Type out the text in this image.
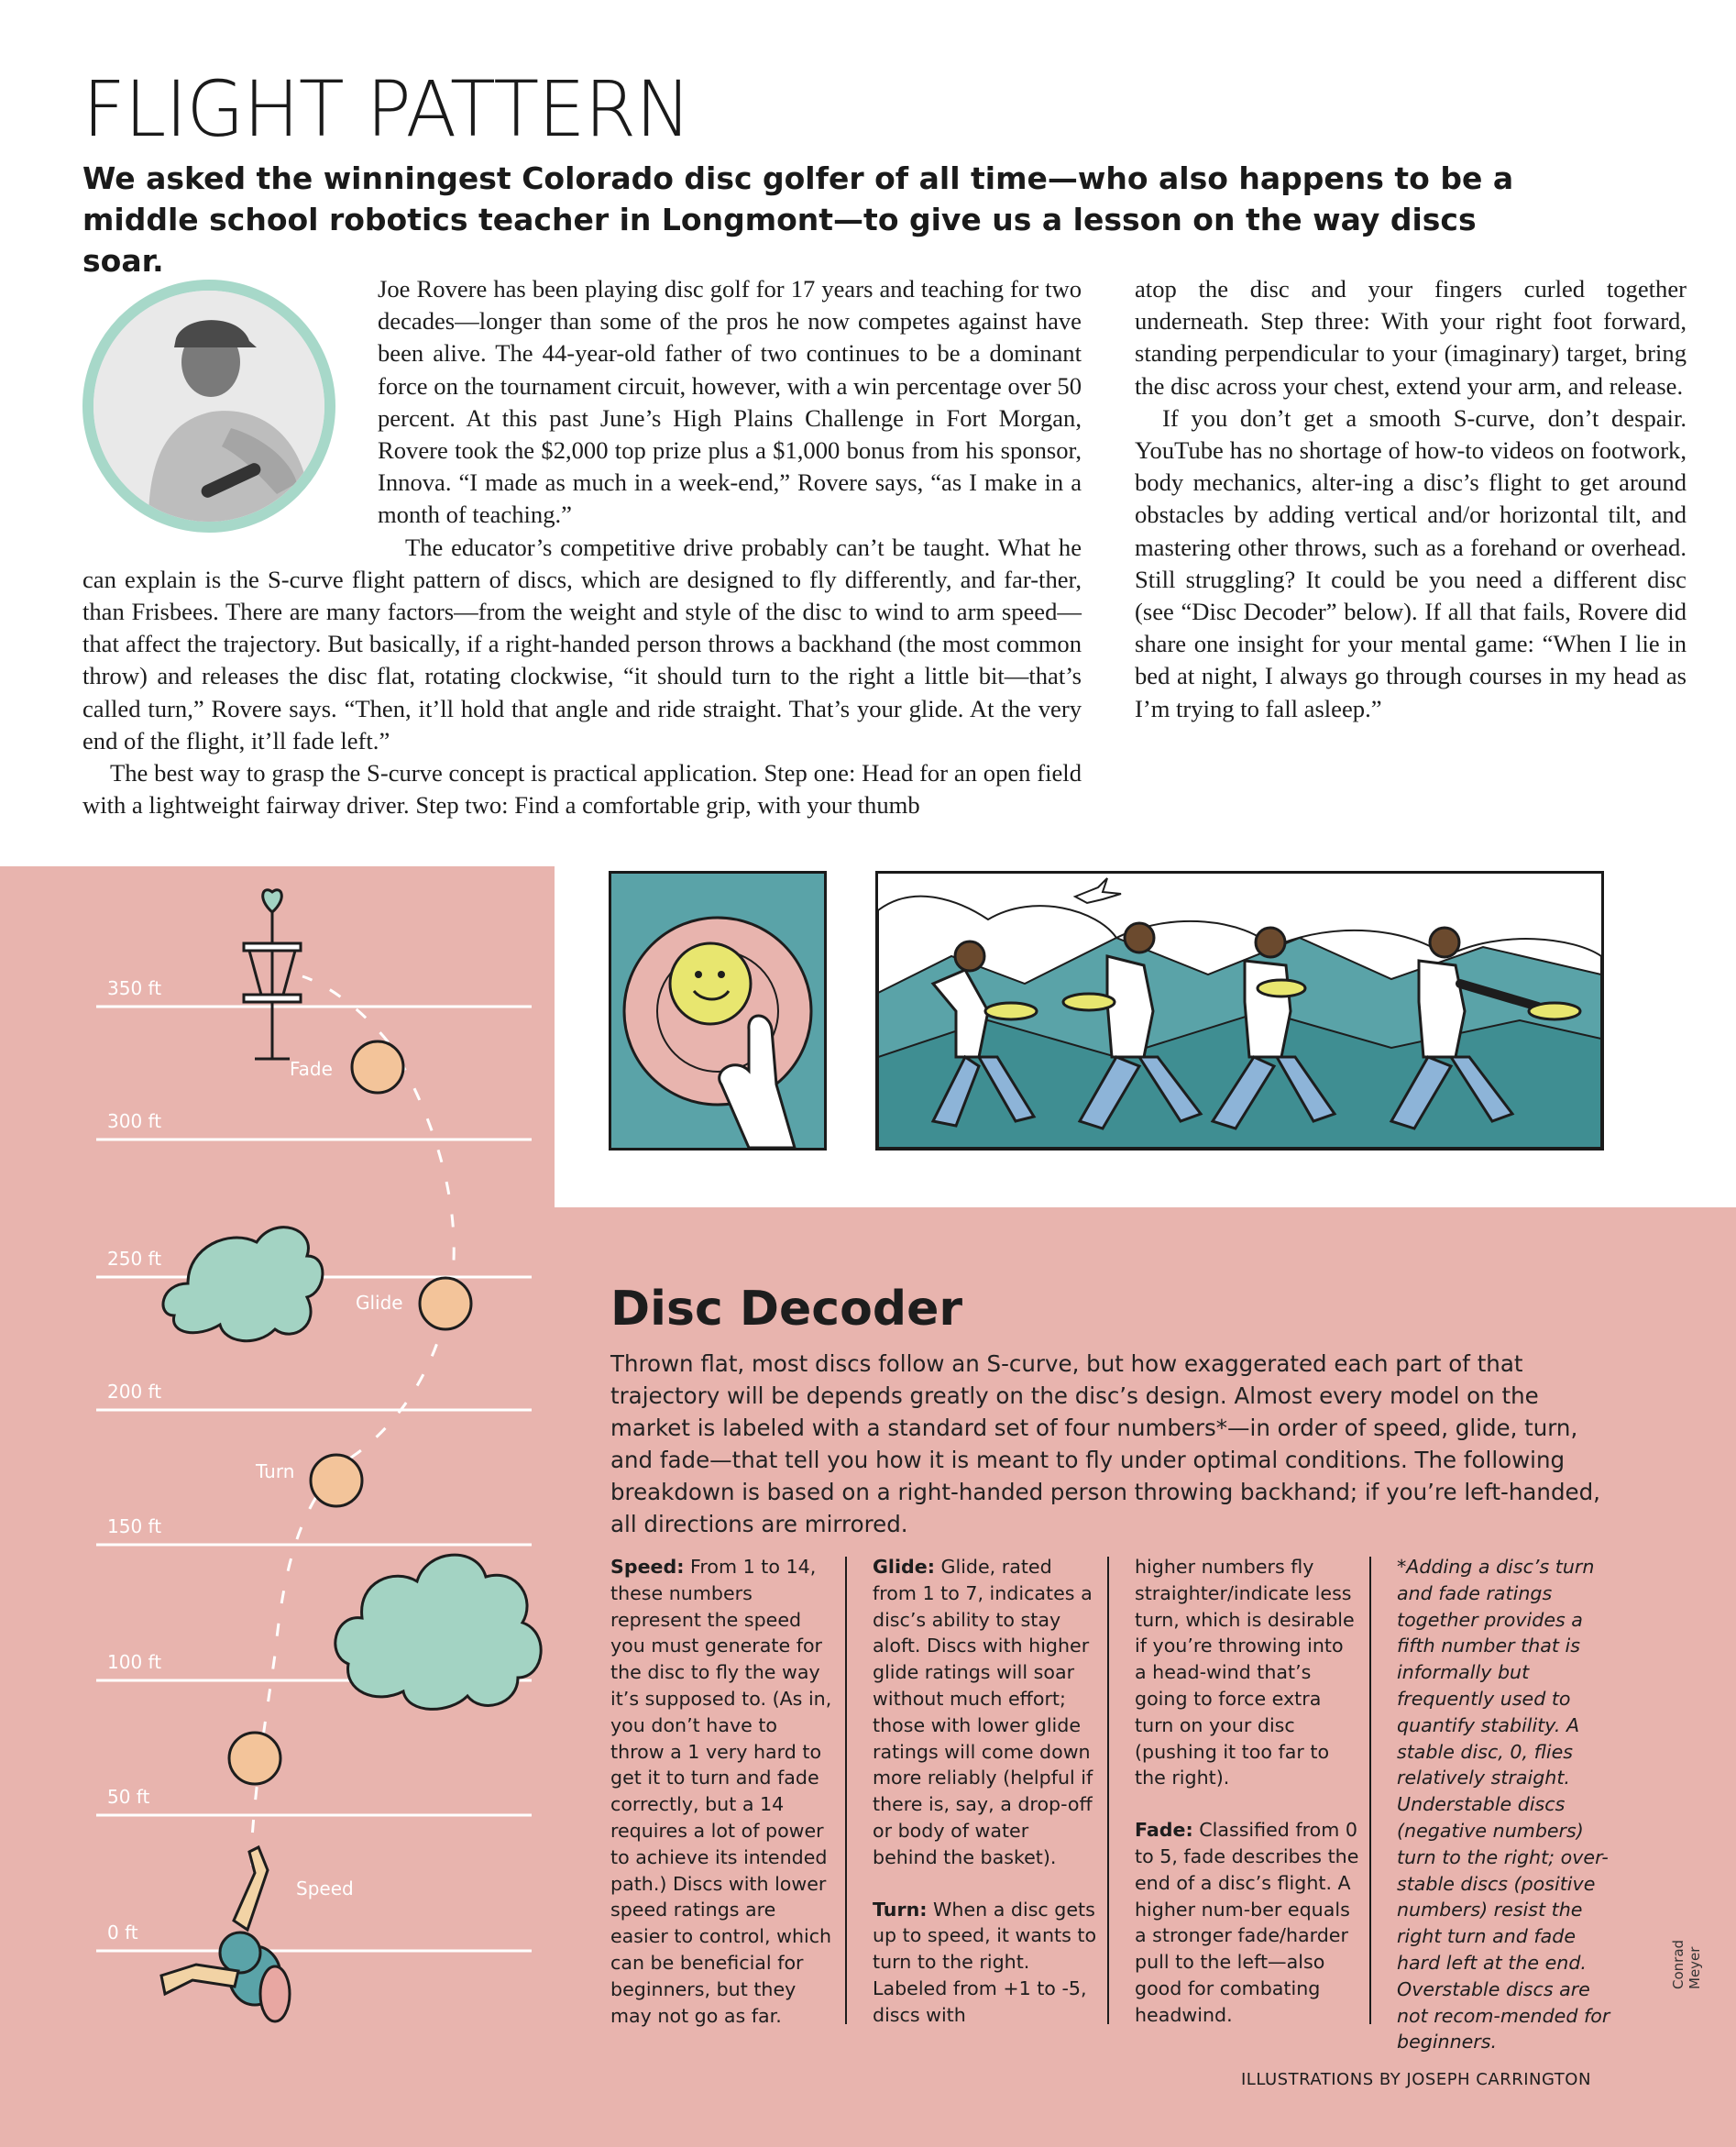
FLIGHT PATTERN

We asked the winningest Colorado disc golfer of all time—who also happens to be a middle school robotics teacher in Longmont—to give us a lesson on the way discs soar.

Joe Rovere has been playing disc golf for 17 years and teaching for two decades—longer than some of the pros he now competes against have been alive. The 44-year-old father of two continues to be a dominant force on the tournament circuit, however, with a win percentage over 50 percent. At this past June’s High Plains Challenge in Fort Morgan, Rovere took the $2,000 top prize plus a $1,000 bonus from his sponsor, Innova. “I made as much in a week-end,” Rovere says, “as I make in a month of teaching.”

The educator’s competitive drive probably can’t be taught. What he can explain is the S-curve flight pattern of discs, which are designed to fly differently, and far-ther, than Frisbees. There are many factors—from the weight and style of the disc to wind to arm speed—that affect the trajectory. But basically, if a right-handed person throws a backhand (the most common throw) and releases the disc flat, rotating clockwise, “it should turn to the right a little bit—that’s called turn,” Rovere says. “Then, it’ll hold that angle and ride straight. That’s your glide. At the very end of the flight, it’ll fade left.”

The best way to grasp the S-curve concept is practical application. Step one: Head for an open field with a lightweight fairway driver. Step two: Find a comfortable grip, with your thumb

atop the disc and your fingers curled together underneath. Step three: With your right foot forward, standing perpendicular to your (imaginary) target, bring the disc across your chest, extend your arm, and release.

If you don’t get a smooth S-curve, don’t despair. YouTube has no shortage of how-to videos on footwork, body mechanics, alter-ing a disc’s flight to get around obstacles by adding vertical and/or horizontal tilt, and mastering other throws, such as a forehand or overhead. Still struggling? It could be you need a different disc (see “Disc Decoder” below). If all that fails, Rovere did share one insight for your mental game: “When I lie in bed at night, I always go through courses in my head as I’m trying to fall asleep.”

350 ft
300 ft
250 ft
200 ft
150 ft
100 ft
50 ft
0 ft
Fade
Glide
Turn
Speed
Disc Decoder

Thrown flat, most discs follow an S-curve, but how exaggerated each part of that trajectory will be depends greatly on the disc’s design. Almost every model on the market is labeled with a standard set of four numbers*—in order of speed, glide, turn, and fade—that tell you how it is meant to fly under optimal conditions. The following breakdown is based on a right-handed person throwing backhand; if you’re left-handed, all directions are mirrored.

Speed: From 1 to 14, these numbers represent the speed you must generate for the disc to fly the way it’s supposed to. (As in, you don’t have to throw a 1 very hard to get it to turn and fade correctly, but a 14 requires a lot of power to achieve its intended path.) Discs with lower speed ratings are easier to control, which can be beneficial for beginners, but they may not go as far.

Glide: Glide, rated from 1 to 7, indicates a disc’s ability to stay aloft. Discs with higher glide ratings will soar without much effort; those with lower glide ratings will come down more reliably (helpful if there is, say, a drop-off or body of water behind the basket).

Turn: When a disc gets up to speed, it wants to turn to the right. Labeled from +1 to -5, discs with

higher numbers fly straighter/indicate less turn, which is desirable if you’re throwing into a head-wind that’s going to force extra turn on your disc (pushing it too far to the right).

Fade: Classified from 0 to 5, fade describes the end of a disc’s flight. A higher num-ber equals a stronger fade/harder pull to the left—also good for combating headwind.

*Adding a disc’s turn and fade ratings together provides a fifth number that is informally but frequently used to quantify stability. A stable disc, 0, flies relatively straight. Understable discs (negative numbers) turn to the right; over-stable discs (positive numbers) resist the right turn and fade hard left at the end. Overstable discs are not recom-mended for beginners.

ILLUSTRATIONS BY JOSEPH CARRINGTON
Conrad Meyer
